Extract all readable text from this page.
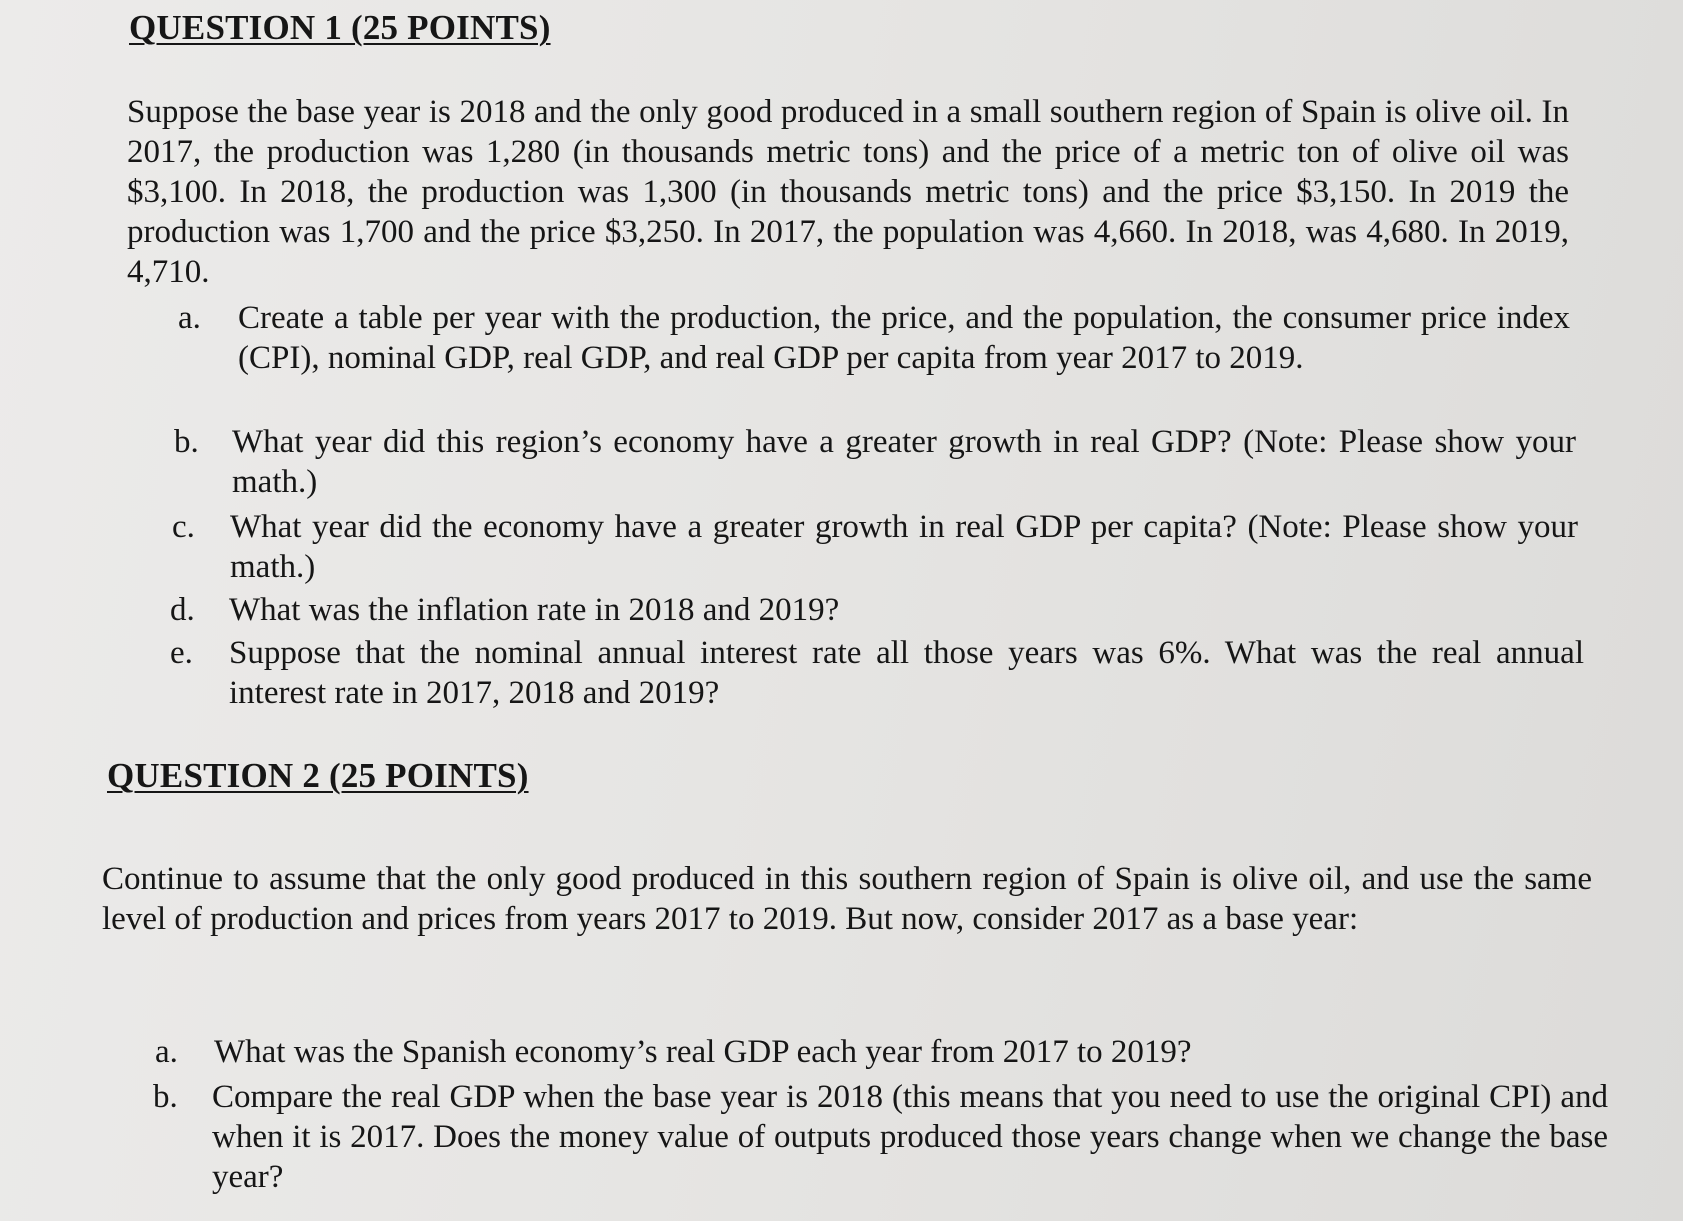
QUESTION 1 (25 POINTS)
Suppose the base year is 2018 and the only good produced in a small southern region of Spain is olive oil. In 2017, the production was 1,280 (in thousands metric tons) and the price of a metric ton of olive oil was $3,100. In 2018, the production was 1,300 (in thousands metric tons) and the price $3,150. In 2019 the production was 1,700 and the price $3,250. In 2017, the population was 4,660. In 2018, was 4,680. In 2019, 4,710.
a. Create a table per year with the production, the price, and the population, the consumer price index (CPI), nominal GDP, real GDP, and real GDP per capita from year 2017 to 2019.
b. What year did this region’s economy have a greater growth in real GDP? (Note: Please show your math.)
c. What year did the economy have a greater growth in real GDP per capita? (Note: Please show your math.)
d. What was the inflation rate in 2018 and 2019?
e. Suppose that the nominal annual interest rate all those years was 6%. What was the real annual interest rate in 2017, 2018 and 2019?
QUESTION 2 (25 POINTS)
Continue to assume that the only good produced in this southern region of Spain is olive oil, and use the same level of production and prices from years 2017 to 2019. But now, consider 2017 as a base year:
a. What was the Spanish economy’s real GDP each year from 2017 to 2019?
b. Compare the real GDP when the base year is 2018 (this means that you need to use the original CPI) and when it is 2017. Does the money value of outputs produced those years change when we change the base year?
